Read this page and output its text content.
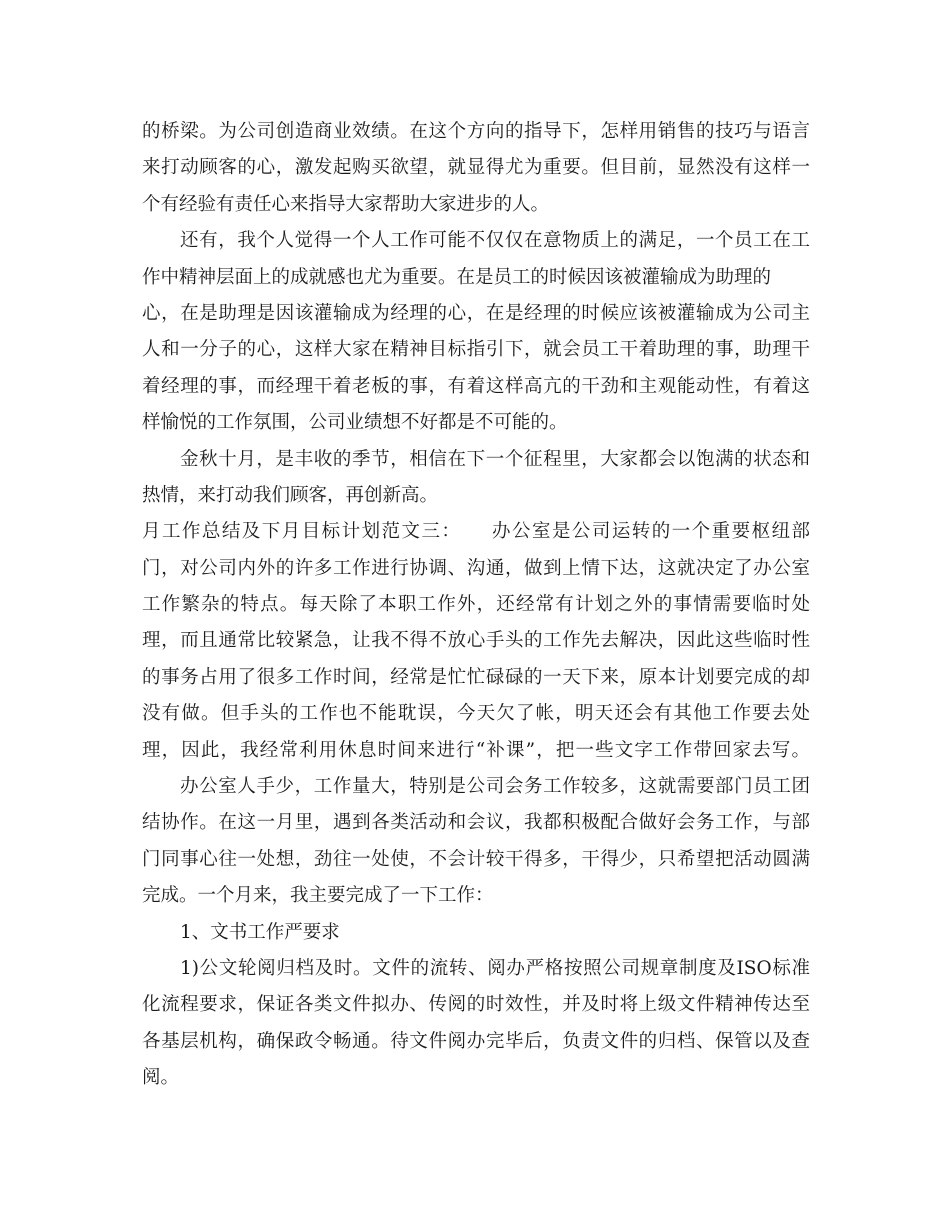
的桥梁。为公司创造商业效绩。在这个方向的指导下，怎样用销售的技巧与语言
来打动顾客的心，激发起购买欲望，就显得尤为重要。但目前，显然没有这样一
个有经验有责任心来指导大家帮助大家进步的人。
还有，我个人觉得一个人工作可能不仅仅在意物质上的满足，一个员工在工
作中精神层面上的成就感也尤为重要。在是员工的时候因该被灌输成为助理的
心，在是助理是因该灌输成为经理的心，在是经理的时候应该被灌输成为公司主
人和一分子的心，这样大家在精神目标指引下，就会员工干着助理的事，助理干
着经理的事，而经理干着老板的事，有着这样高亢的干劲和主观能动性，有着这
样愉悦的工作氛围，公司业绩想不好都是不可能的。
金秋十月，是丰收的季节，相信在下一个征程里，大家都会以饱满的状态和
热情，来打动我们顾客，再创新高。
月工作总结及下月目标计划范文三：　　办公室是公司运转的一个重要枢纽部
门，对公司内外的许多工作进行协调、沟通，做到上情下达，这就决定了办公室
工作繁杂的特点。每天除了本职工作外，还经常有计划之外的事情需要临时处
理，而且通常比较紧急，让我不得不放心手头的工作先去解决，因此这些临时性
的事务占用了很多工作时间，经常是忙忙碌碌的一天下来，原本计划要完成的却
没有做。但手头的工作也不能耽误，今天欠了帐，明天还会有其他工作要去处
理，因此，我经常利用休息时间来进行“补课”，把一些文字工作带回家去写。
办公室人手少，工作量大，特别是公司会务工作较多，这就需要部门员工团
结协作。在这一月里，遇到各类活动和会议，我都积极配合做好会务工作，与部
门同事心往一处想，劲往一处使，不会计较干得多，干得少，只希望把活动圆满
完成。一个月来，我主要完成了一下工作：
1、文书工作严要求
1)公文轮阅归档及时。文件的流转、阅办严格按照公司规章制度及ISO标准
化流程要求，保证各类文件拟办、传阅的时效性，并及时将上级文件精神传达至
各基层机构，确保政令畅通。待文件阅办完毕后，负责文件的归档、保管以及查
阅。
